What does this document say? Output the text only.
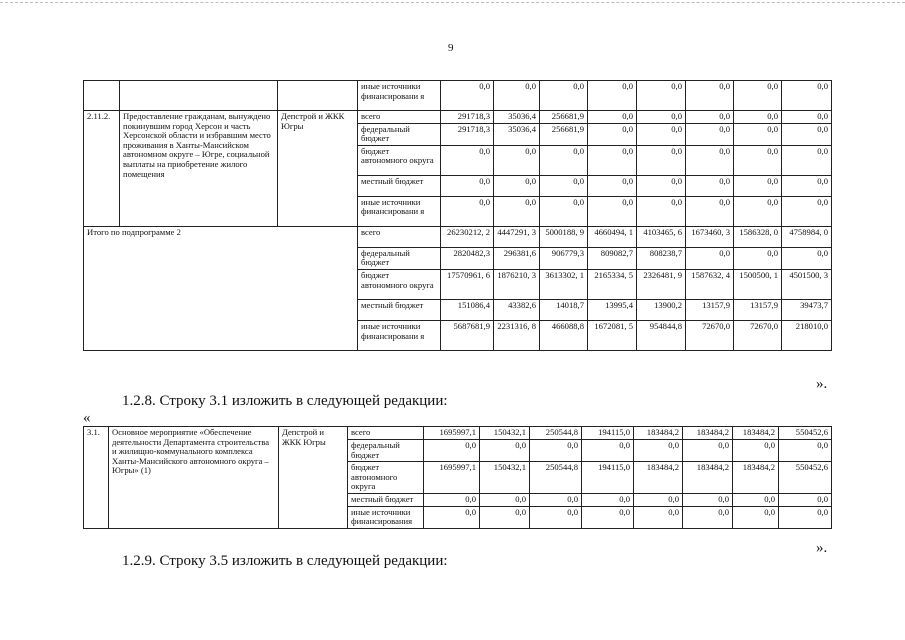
9
			иные источники финансировани я	0,0	0,0	0,0	0,0	0,0	0,0	0,0	0,0
2.11.2.	Предоставление гражданам, вынуждено покинувшим город Херсон и часть Херсонской области и избравшим место проживания в Ханты-Мансийском автономном округе – Югре, социальной выплаты на приобретение жилого помещения	Депстрой и ЖКК Югры	всего	291718,3	35036,4	256681,9	0,0	0,0	0,0	0,0	0,0
			федеральный бюджет	291718,3	35036,4	256681,9	0,0	0,0	0,0	0,0	0,0
			бюджет автономного округа	0,0	0,0	0,0	0,0	0,0	0,0	0,0	0,0
			местный бюджет	0,0	0,0	0,0	0,0	0,0	0,0	0,0	0,0
			иные источники финансировани я	0,0	0,0	0,0	0,0	0,0	0,0	0,0	0,0
Итого по подпрограмме 2			всего	26230212, 2	4447291, 3	5000188, 9	4660494, 1	4103465, 6	1673460, 3	1586328, 0	4758984, 0
			федеральный бюджет	2820482,3	296381,6	906779,3	809082,7	808238,7	0,0	0,0	0,0
			бюджет автономного округа	17570961, 6	1876210, 3	3613302, 1	2165334, 5	2326481, 9	1587632, 4	1500500, 1	4501500, 3
			местный бюджет	151086,4	43382,6	14018,7	13995,4	13900,2	13157,9	13157,9	39473,7
			иные источники финансировани я	5687681,9	2231316, 8	466088,8	1672081, 5	954844,8	72670,0	72670,0	218010,0
».
1.2.8. Строку 3.1 изложить в следующей редакции:
«
3.1.	Основное мероприятие «Обеспечение деятельности Департамента строительства и жилищно-коммунального комплекса Ханты-Мансийского автономного округа – Югры» (1)	Депстрой и ЖКК Югры	всего	1695997,1	150432,1	250544,8	194115,0	183484,2	183484,2	183484,2	550452,6
			федеральный бюджет	0,0	0,0	0,0	0,0	0,0	0,0	0,0	0,0
			бюджет автономного округа	1695997,1	150432,1	250544,8	194115,0	183484,2	183484,2	183484,2	550452,6
			местный бюджет	0,0	0,0	0,0	0,0	0,0	0,0	0,0	0,0
			иные источники финансирования	0,0	0,0	0,0	0,0	0,0	0,0	0,0	0,0
».
1.2.9. Строку 3.5 изложить в следующей редакции:
